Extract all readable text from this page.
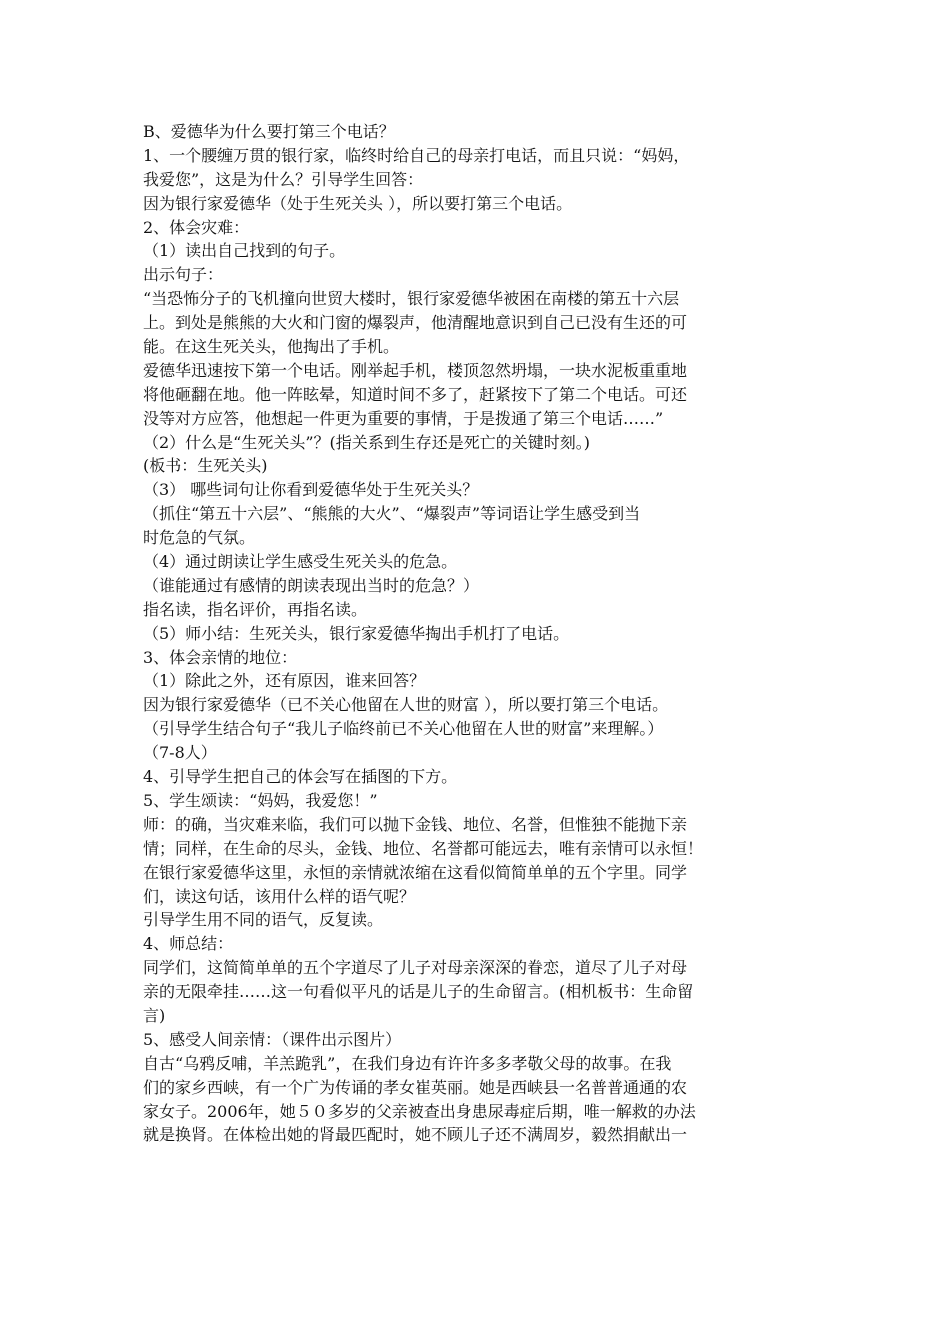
B、爱德华为什么要打第三个电话？
1、一个腰缠万贯的银行家，临终时给自己的母亲打电话，而且只说：“妈妈，
我爱您”，这是为什么？引导学生回答：
因为银行家爱德华（处于生死关头 ），所以要打第三个电话。
2、体会灾难：
（1）读出自己找到的句子。
出示句子：
“当恐怖分子的飞机撞向世贸大楼时，银行家爱德华被困在南楼的第五十六层
上。到处是熊熊的大火和门窗的爆裂声，他清醒地意识到自己已没有生还的可
能。在这生死关头，他掏出了手机。
爱德华迅速按下第一个电话。刚举起手机，楼顶忽然坍塌，一块水泥板重重地
将他砸翻在地。他一阵眩晕，知道时间不多了，赶紧按下了第二个电话。可还
没等对方应答，他想起一件更为重要的事情，于是拨通了第三个电话……”
（2）什么是“生死关头”？(指关系到生存还是死亡的关键时刻。)
(板书：生死关头)
（3） 哪些词句让你看到爱德华处于生死关头？
（抓住“第五十六层”、“熊熊的大火”、“爆裂声”等词语让学生感受到当
时危急的气氛。
（4）通过朗读让学生感受生死关头的危急。
（谁能通过有感情的朗读表现出当时的危急？）
指名读，指名评价，再指名读。
（5）师小结：生死关头，银行家爱德华掏出手机打了电话。
3、体会亲情的地位：
（1）除此之外，还有原因，谁来回答？
因为银行家爱德华（已不关心他留在人世的财富 ），所以要打第三个电话。
（引导学生结合句子“我儿子临终前已不关心他留在人世的财富”来理解。）
（7-8人）
4、引导学生把自己的体会写在插图的下方。
5、学生颂读：“妈妈，我爱您！”
师：的确，当灾难来临，我们可以抛下金钱、地位、名誉，但惟独不能抛下亲
情；同样，在生命的尽头，金钱、地位、名誉都可能远去，唯有亲情可以永恒！
在银行家爱德华这里，永恒的亲情就浓缩在这看似简简单单的五个字里。同学
们，读这句话，该用什么样的语气呢？
引导学生用不同的语气，反复读。
4、师总结：
同学们，这简简单单的五个字道尽了儿子对母亲深深的眷恋，道尽了儿子对母
亲的无限牵挂……这一句看似平凡的话是儿子的生命留言。(相机板书：生命留
言)
5、感受人间亲情：（课件出示图片）
自古“乌鸦反哺，羊羔跪乳”，在我们身边有许许多多孝敬父母的故事。在我
们的家乡西峡，有一个广为传诵的孝女崔英丽。她是西峡县一名普普通通的农
家女子。2006年，她５０多岁的父亲被查出身患尿毒症后期，唯一解救的办法
就是换肾。在体检出她的肾最匹配时，她不顾儿子还不满周岁，毅然捐献出一
